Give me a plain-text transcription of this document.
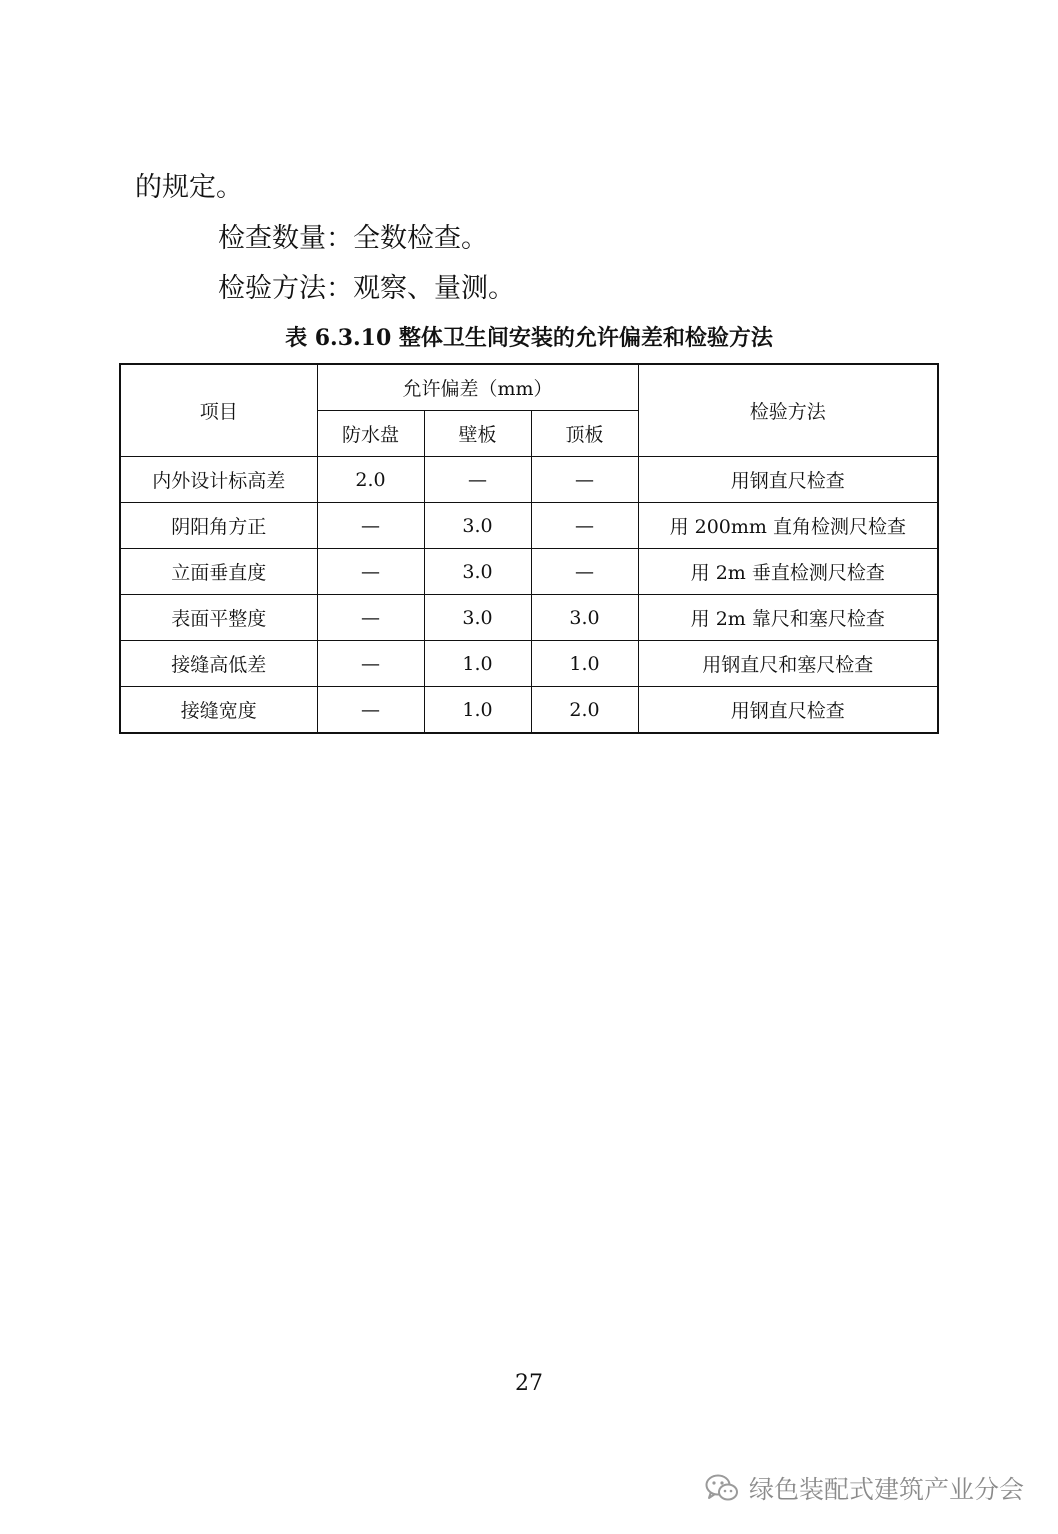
的规定。
检查数量：全数检查。
检验方法：观察、量测。
表 6.3.10 整体卫生间安装的允许偏差和检验方法
项目	允许偏差（mm）			检验方法
	防水盘	壁板	顶板	
内外设计标高差	2.0	—	—	用钢直尺检查
阴阳角方正	—	3.0	—	用 200mm 直角检测尺检查
立面垂直度	—	3.0	—	用 2m 垂直检测尺检查
表面平整度	—	3.0	3.0	用 2m 靠尺和塞尺检查
接缝高低差	—	1.0	1.0	用钢直尺和塞尺检查
接缝宽度	—	1.0	2.0	用钢直尺检查
27
绿色装配式建筑产业分会
